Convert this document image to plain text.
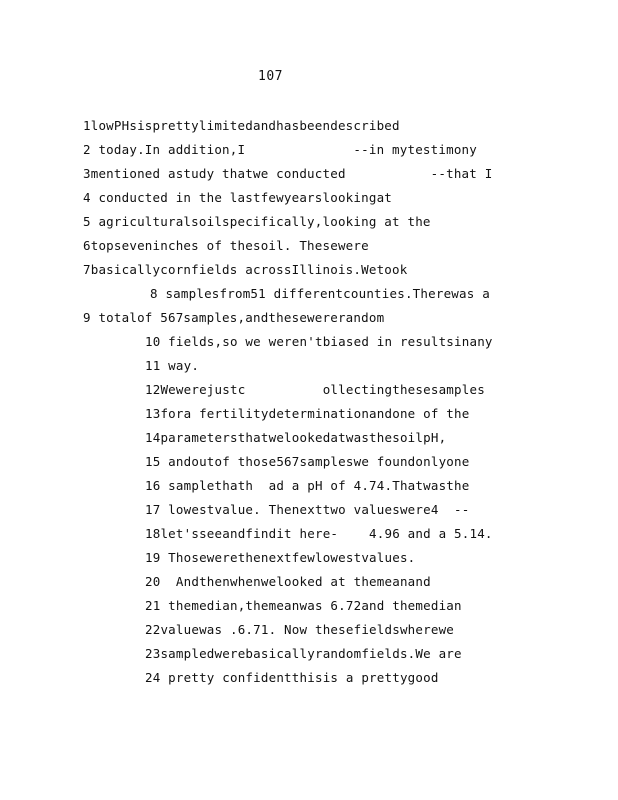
107
1lowPHsisprettylimitedandhasbeendescribed
2 today.In addition,I              --in mytestimony
3mentioned astudy thatwe conducted           --that I
4 conducted in the lastfewyearslookingat
5 agriculturalsoilspecifically,looking at the
6topseveninches of thesoil. Thesewere
7basicallycornfields acrossIllinois.Wetook
8 samplesfrom51 differentcounties.Therewas a
9 totalof 567samples,andthesewererandom
10 fields,so we weren'tbiased in resultsinany
11 way.
12Wewerejustc          ollectingthesesamples
13fora fertilitydeterminationandone of the
14parametersthatwelookedatwasthesoilpH,
15 andoutof those567sampleswe foundonlyone
16 samplethath  ad a pH of 4.74.Thatwasthe
17 lowestvalue. Thenexttwo valueswere4  --
18let'sseeandfindit here-    4.96 and a 5.14.
19 Thosewerethenextfewlowestvalues.
20  Andthenwhenwelooked at themeanand
21 themedian,themeanwas 6.72and themedian
22valuewas .6.71. Now thesefieldswherewe
23sampledwerebasicallyrandomfields.We are
24 pretty confidentthisis a prettygood
